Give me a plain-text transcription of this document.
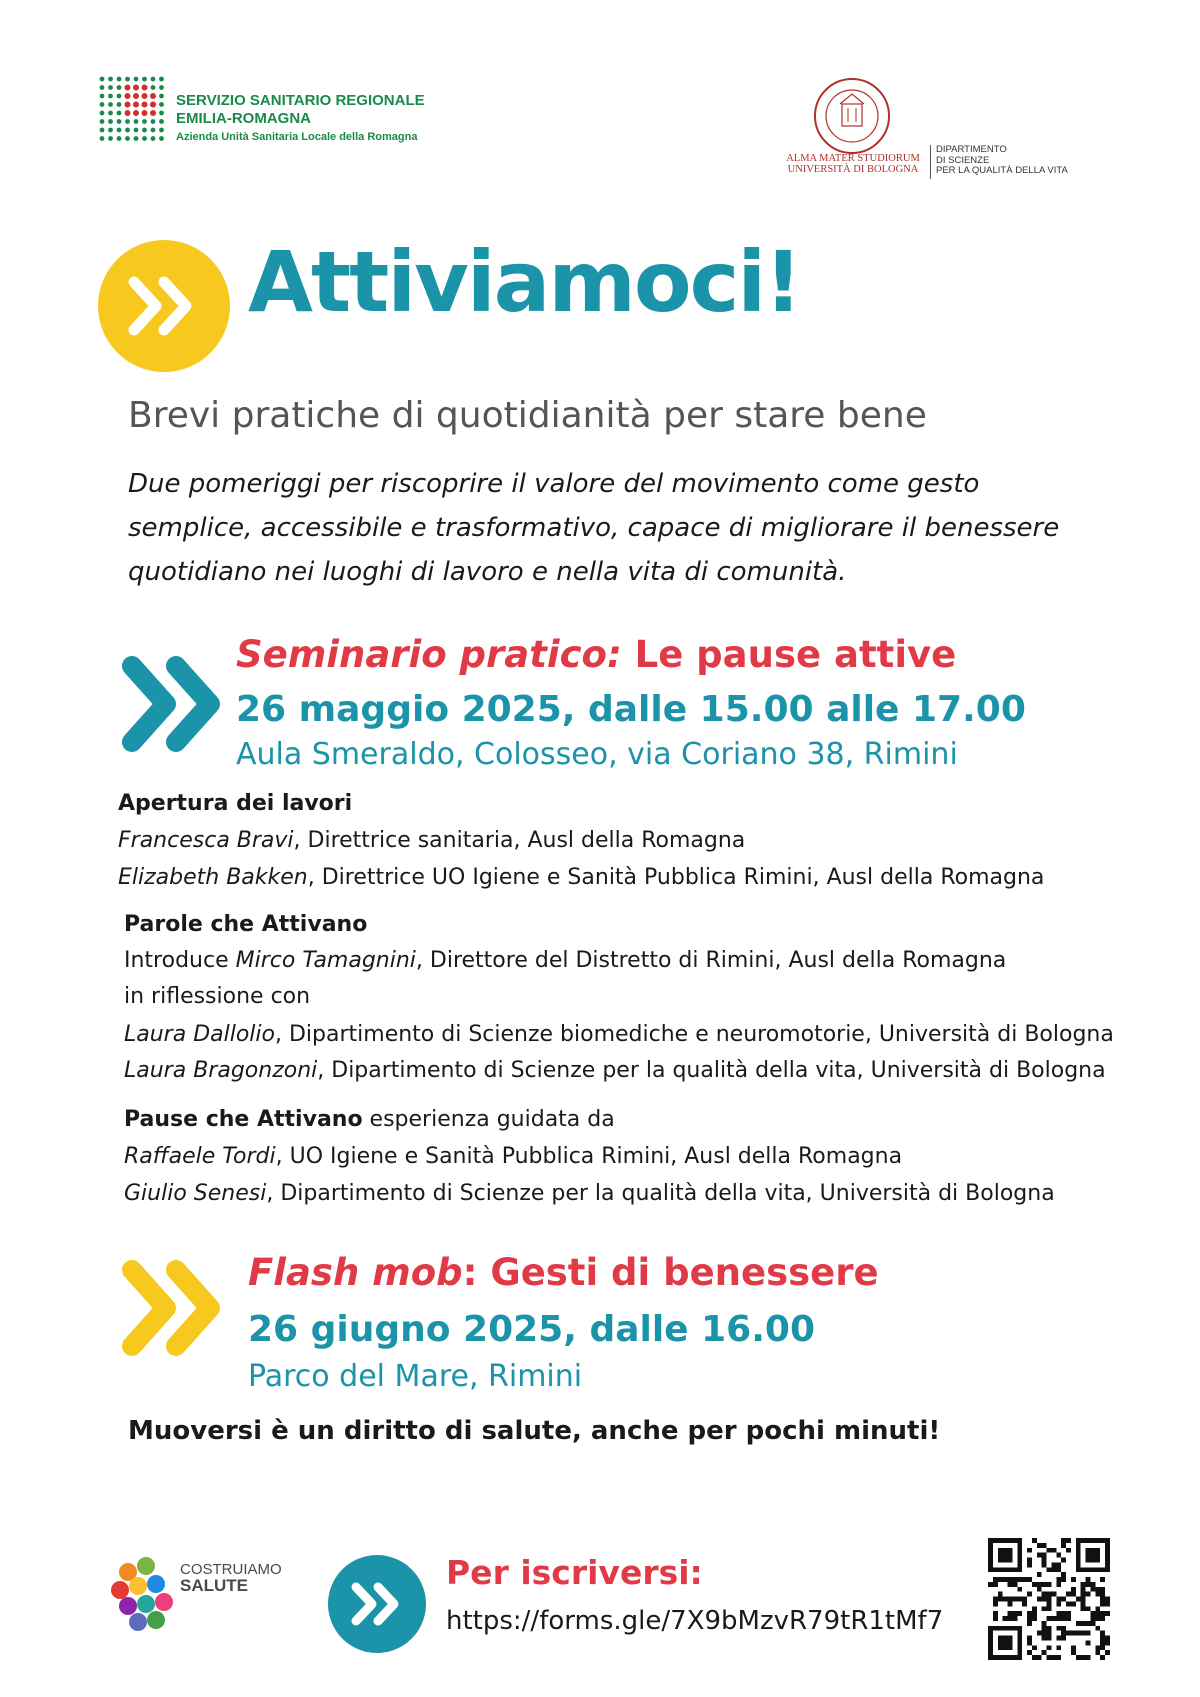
SERVIZIO SANITARIO REGIONALE
EMILIA-ROMAGNA
Azienda Unità Sanitaria Locale della Romagna
ALMA MATER STUDIORUM
UNIVERSITÀ DI BOLOGNA
DIPARTIMENTO
DI SCIENZE
PER LA QUALITÀ DELLA VITA
Attiviamoci!
Brevi pratiche di quotidianità per stare bene
Due pomeriggi per riscoprire il valore del movimento come gesto
semplice, accessibile e trasformativo, capace di migliorare il benessere
quotidiano nei luoghi di lavoro e nella vita di comunità.
Seminario pratico: Le pause attive
26 maggio 2025, dalle 15.00 alle 17.00
Aula Smeraldo, Colosseo, via Coriano 38, Rimini
Apertura dei lavori
Francesca Bravi, Direttrice sanitaria, Ausl della Romagna
Elizabeth Bakken, Direttrice UO Igiene e Sanità Pubblica Rimini, Ausl della Romagna
Parole che Attivano
Introduce Mirco Tamagnini, Direttore del Distretto di Rimini, Ausl della Romagna
in riflessione con
Laura Dallolio, Dipartimento di Scienze biomediche e neuromotorie, Università di Bologna
Laura Bragonzoni, Dipartimento di Scienze per la qualità della vita, Università di Bologna
Pause che Attivano esperienza guidata da
Raffaele Tordi, UO Igiene e Sanità Pubblica Rimini, Ausl della Romagna
Giulio Senesi, Dipartimento di Scienze per la qualità della vita, Università di Bologna
Flash mob: Gesti di benessere
26 giugno 2025, dalle 16.00
Parco del Mare, Rimini
Muoversi è un diritto di salute, anche per pochi minuti!
COSTRUIAMO
SALUTE	Per iscriversi:
https://forms.gle/7X9bMzvR79tR1tMf7
